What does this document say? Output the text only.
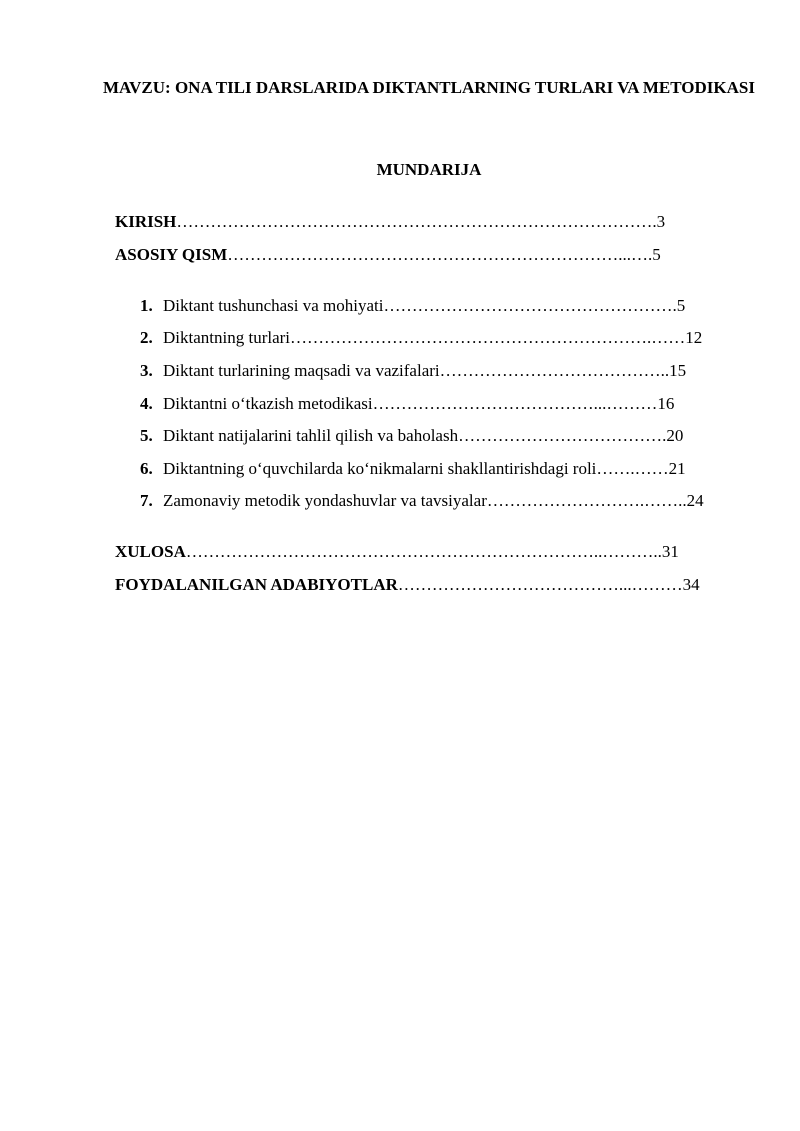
MAVZU: ONA TILI DARSLARIDA DIKTANTLARNING TURLARI VA METODIKASI
MUNDARIJA
KIRISH………………………………………………………………………….3
ASOSIY QISM……………………………………………………………...….5
1. Diktant tushunchasi va mohiyati…………………………………………….5
2. Diktantning turlari……………………………………………………….……12
3. Diktant turlarining maqsadi va vazifalari…………………………………..15
4. Diktantni o‘tkazish metodikasi…………………………………...………16
5. Diktant natijalarini tahlil qilish va baholash……………………………….20
6. Diktantning o‘quvchilarda ko‘nikmalarni shakllantirishdagi roli…….……21
7. Zamonaviy metodik yondashuvlar va tavsiyalar……………………….……..24
XULOSA………………………………………………………………..………..31
FOYDALANILGAN ADABIYOTLAR…………………………………...………34
